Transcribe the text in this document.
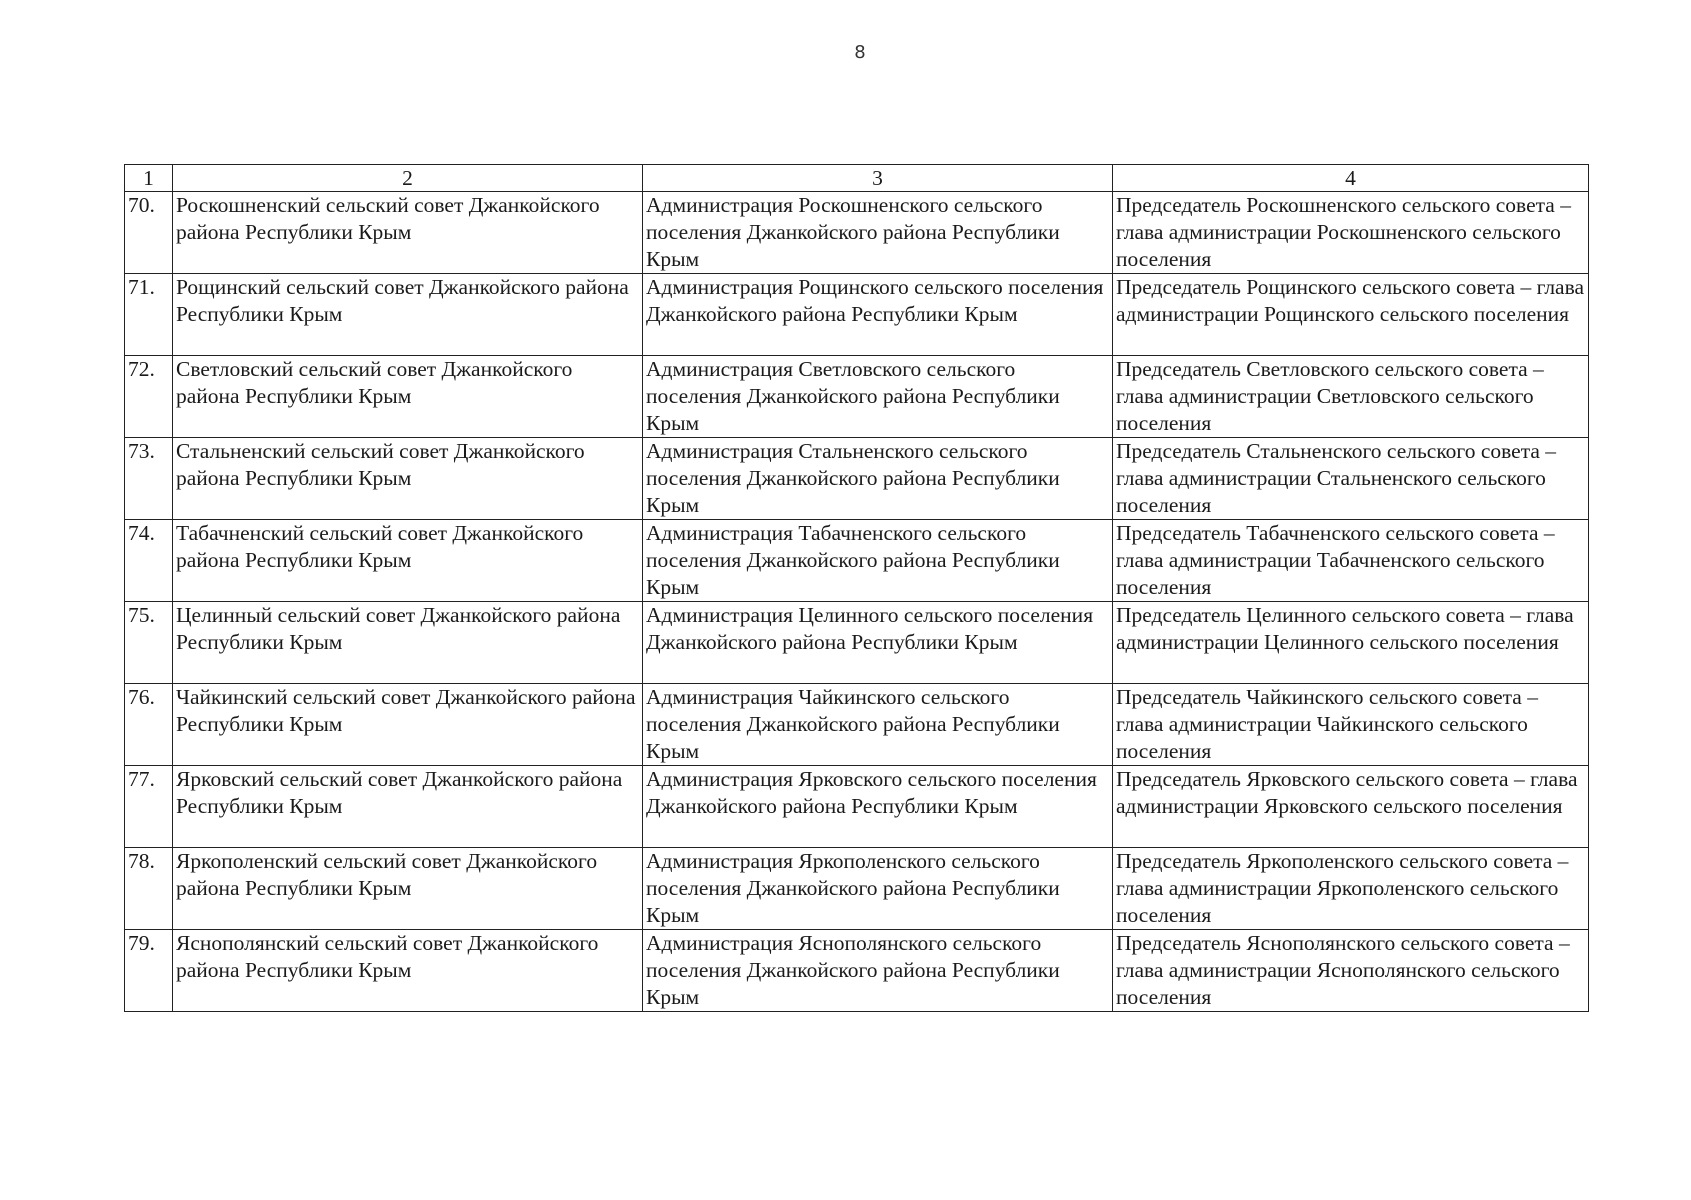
8
1	2	3	4
70.	Роскошненский сельский совет Джанкойского района Республики Крым	Администрация Роскошненского сельского поселения Джанкойского района Республики Крым	Председатель Роскошненского сельского совета – глава администрации Роскошненского сельского поселения
71.	Рощинский сельский совет Джанкойского района Республики Крым	Администрация Рощинского сельского поселения Джанкойского района Республики Крым	Председатель Рощинского сельского совета – глава администрации Рощинского сельского поселения
72.	Светловский сельский совет Джанкойского района Республики Крым	Администрация Светловского сельского поселения Джанкойского района Республики Крым	Председатель Светловского сельского совета – глава администрации Светловского сельского поселения
73.	Стальненский сельский совет Джанкойского района Республики Крым	Администрация Стальненского сельского поселения Джанкойского района Республики Крым	Председатель Стальненского сельского совета – глава администрации Стальненского сельского поселения
74.	Табачненский сельский совет Джанкойского района Республики Крым	Администрация Табачненского сельского поселения Джанкойского района Республики Крым	Председатель Табачненского сельского совета – глава администрации Табачненского сельского поселения
75.	Целинный сельский совет Джанкойского района Республики Крым	Администрация Целинного сельского поселения Джанкойского района Республики Крым	Председатель Целинного сельского совета – глава администрации Целинного сельского поселения
76.	Чайкинский сельский совет Джанкойского района Республики Крым	Администрация Чайкинского сельского поселения Джанкойского района Республики Крым	Председатель Чайкинского сельского совета – глава администрации Чайкинского сельского поселения
77.	Ярковский сельский совет Джанкойского района Республики Крым	Администрация Ярковского сельского поселения Джанкойского района Республики Крым	Председатель Ярковского сельского совета – глава администрации Ярковского сельского поселения
78.	Яркополенский сельский совет Джанкойского района Республики Крым	Администрация Яркополенского сельского поселения Джанкойского района Республики Крым	Председатель Яркополенского сельского совета – глава администрации Яркополенского сельского поселения
79.	Яснополянский сельский совет Джанкойского района Республики Крым	Администрация Яснополянского сельского поселения Джанкойского района Республики Крым	Председатель Яснополянского сельского совета – глава администрации Яснополянского сельского поселения
